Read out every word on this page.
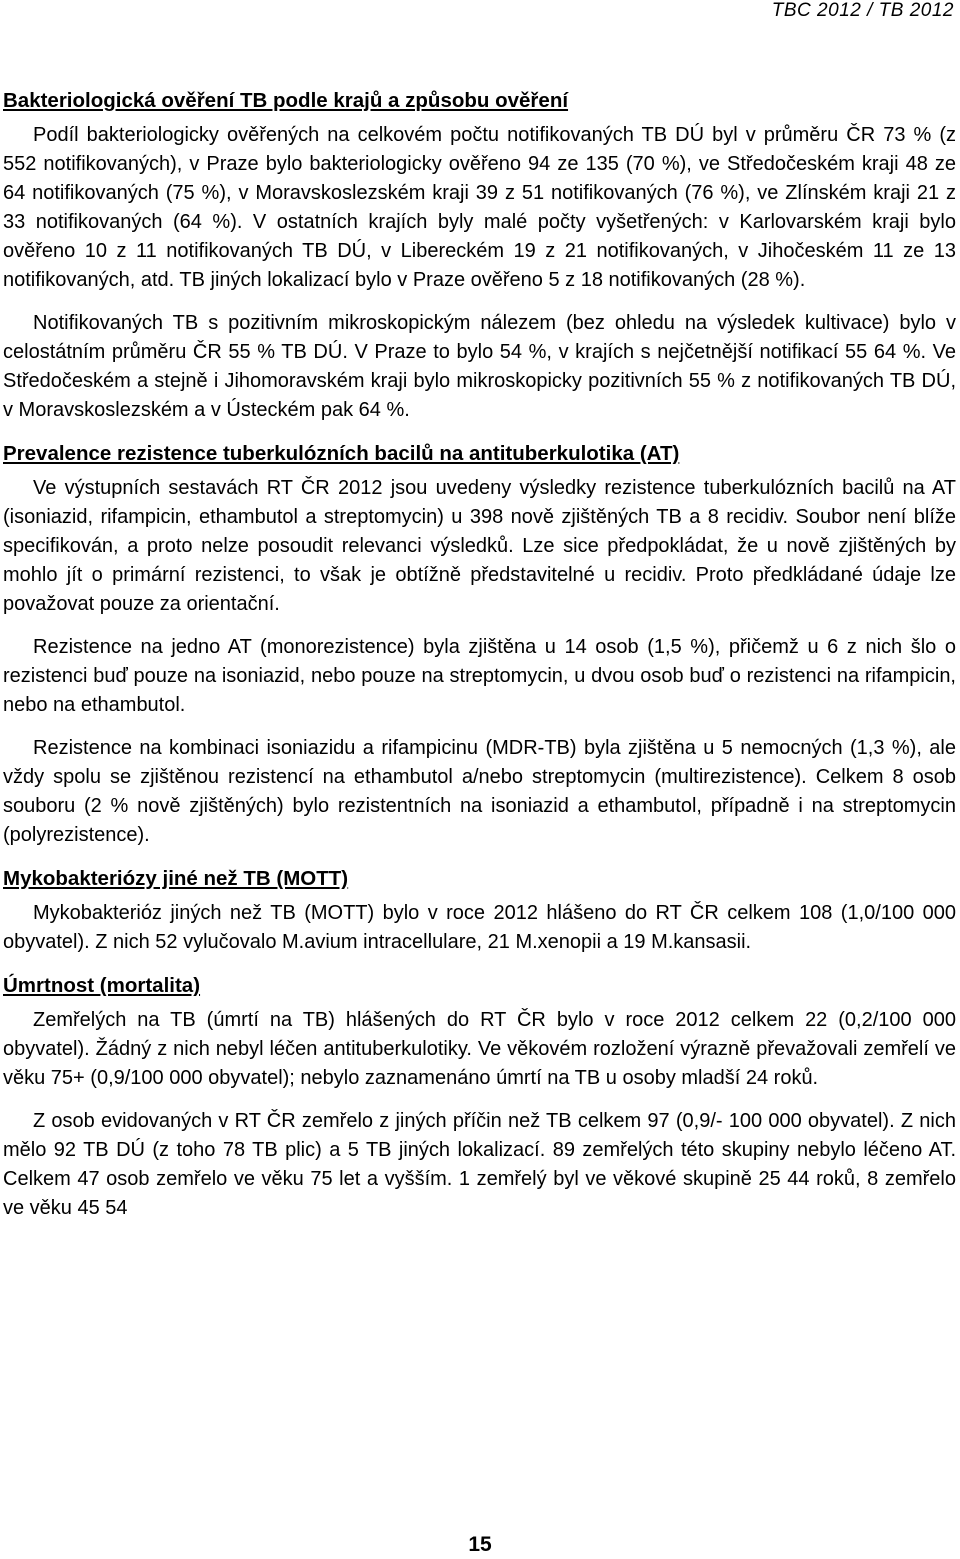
TBC 2012 / TB 2012
Bakteriologická ověření TB podle krajů a způsobu ověření

Podíl bakteriologicky ověřených na celkovém počtu notifikovaných TB DÚ byl v průměru ČR 73 % (z 552 notifikovaných), v Praze bylo bakteriologicky ověřeno 94 ze 135 (70 %), ve Středočeském kraji 48 ze 64 notifikovaných (75 %), v Moravskoslezském kraji 39 z 51 notifikovaných (76 %), ve Zlínském kraji 21 z 33 notifikovaných (64 %). V ostatních krajích byly malé počty vyšetřených: v Karlovarském kraji bylo ověřeno 10 z 11 notifikovaných TB DÚ, v Libereckém 19 z 21 notifikovaných, v Jihočeském 11 ze 13 notifikovaných, atd. TB jiných lokalizací bylo v Praze ověřeno 5 z 18 notifikovaných (28 %).

Notifikovaných TB s pozitivním mikroskopickým nálezem (bez ohledu na výsledek kultivace) bylo v celostátním průměru ČR 55 % TB DÚ. V Praze to bylo 54 %, v krajích s nejčetnější notifikací 55 64 %. Ve Středočeském a stejně i Jihomoravském kraji bylo mikroskopicky pozitivních 55 % z notifikovaných TB DÚ, v Moravskoslezském a v Ústeckém pak 64 %.

Prevalence rezistence tuberkulózních bacilů na antituberkulotika (AT)

Ve výstupních sestavách RT ČR 2012 jsou uvedeny výsledky rezistence tuberkulózních bacilů na AT (isoniazid, rifampicin, ethambutol a streptomycin) u 398 nově zjištěných TB a 8 recidiv. Soubor není blíže specifikován, a proto nelze posoudit relevanci výsledků. Lze sice předpokládat, že u nově zjištěných by mohlo jít o primární rezistenci, to však je obtížně představitelné u recidiv. Proto předkládané údaje lze považovat pouze za orientační.

Rezistence na jedno AT (monorezistence) byla zjištěna u 14 osob (1,5 %), přičemž u 6 z nich šlo o rezistenci buď pouze na isoniazid, nebo pouze na streptomycin, u dvou osob buď o rezistenci na rifampicin, nebo na ethambutol.

Rezistence na kombinaci isoniazidu a rifampicinu (MDR-TB) byla zjištěna u 5 nemocných (1,3 %), ale vždy spolu se zjištěnou rezistencí na ethambutol a/nebo streptomycin (multirezistence). Celkem 8 osob souboru (2 % nově zjištěných) bylo rezistentních na isoniazid a ethambutol, případně i na streptomycin (polyrezistence).

Mykobakteriózy jiné než TB (MOTT)

Mykobakterióz jiných než TB (MOTT) bylo v roce 2012 hlášeno do RT ČR celkem 108 (1,0/100 000 obyvatel). Z nich 52 vylučovalo M.avium intracellulare, 21 M.xenopii a 19 M.kansasii.

Úmrtnost (mortalita)

Zemřelých na TB (úmrtí na TB) hlášených do RT ČR bylo v roce 2012 celkem 22 (0,2/100 000 obyvatel). Žádný z nich nebyl léčen antituberkulotiky. Ve věkovém rozložení výrazně převažovali zemřelí ve věku 75+ (0,9/100 000 obyvatel); nebylo zaznamenáno úmrtí na TB u osoby mladší 24 roků.

Z osob evidovaných v RT ČR zemřelo z jiných příčin než TB celkem 97 (0,9/- 100 000 obyvatel). Z nich mělo 92 TB DÚ (z toho 78 TB plic) a 5 TB jiných lokalizací. 89 zemřelých této skupiny nebylo léčeno AT. Celkem 47 osob zemřelo ve věku 75 let a vyšším. 1 zemřelý byl ve věkové skupině 25 44 roků, 8 zemřelo ve věku 45 54

15
